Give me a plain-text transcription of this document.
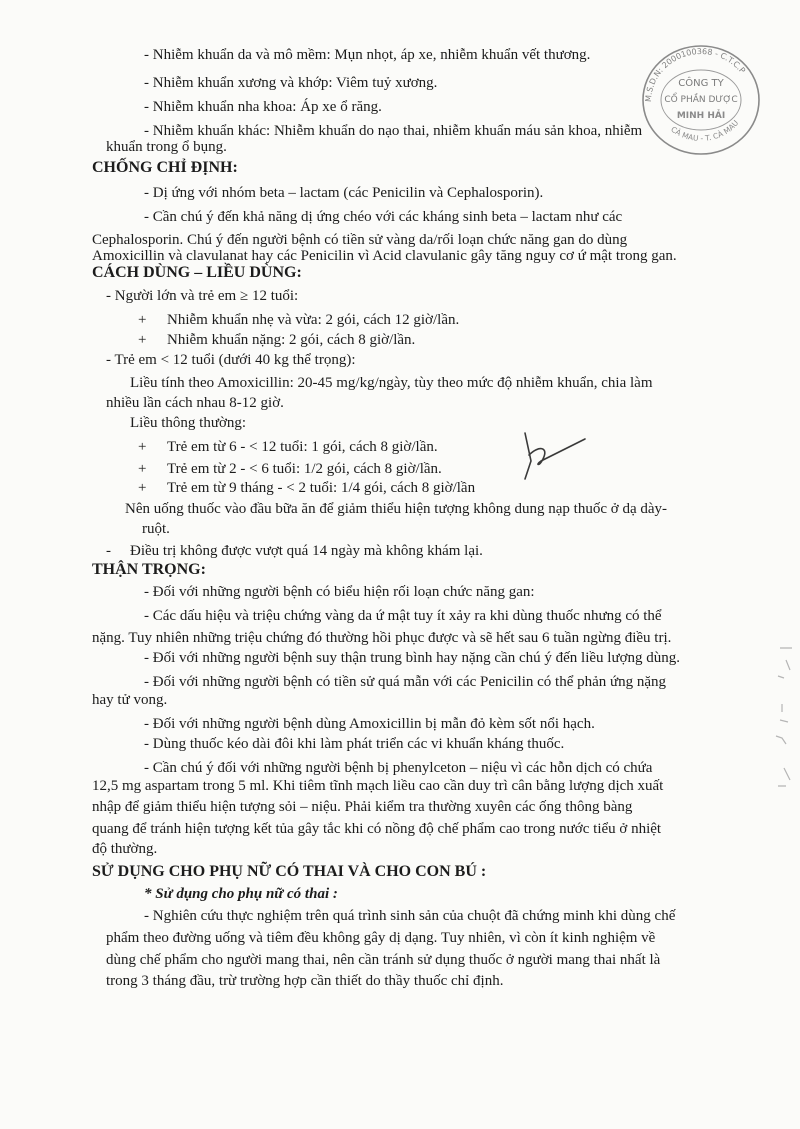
- Nhiễm khuẩn da và mô mềm: Mụn nhọt, áp xe, nhiễm khuẩn vết thương.
- Nhiễm khuẩn xương và khớp: Viêm tuỷ xương.
- Nhiễm khuẩn nha khoa: Áp xe ổ răng.
- Nhiễm khuẩn khác: Nhiễm khuẩn do nạo thai, nhiễm khuẩn máu sản khoa, nhiễm
khuẩn trong ổ bụng.
CHỐNG CHỈ ĐỊNH:
- Dị ứng với nhóm beta – lactam (các Penicilin và Cephalosporin).
- Cần chú ý đến khả năng dị ứng chéo với các kháng sinh beta – lactam như các
Cephalosporin. Chú ý đến người bệnh có tiền sử vàng da/rối loạn chức năng gan do dùng
Amoxicillin và clavulanat hay các Penicilin vì Acid clavulanic gây tăng nguy cơ ứ mật trong gan.
CÁCH DÙNG – LIỀU DÙNG:
- Người lớn và trẻ em ≥ 12 tuổi:
+ Nhiễm khuẩn nhẹ và vừa: 2 gói, cách 12 giờ/lần.
+ Nhiễm khuẩn nặng: 2 gói, cách 8 giờ/lần.
- Trẻ em < 12 tuổi (dưới 40 kg thể trọng):
Liều tính theo Amoxicillin: 20-45 mg/kg/ngày, tùy theo mức độ nhiễm khuẩn, chia làm
nhiều lần cách nhau 8-12 giờ.
Liều thông thường:
+ Trẻ em từ 6 - < 12 tuổi: 1 gói, cách 8 giờ/lần.
+ Trẻ em từ 2 - < 6 tuổi: 1/2 gói, cách 8 giờ/lần.
+ Trẻ em từ 9 tháng - < 2 tuổi: 1/4 gói, cách 8 giờ/lần
Nên uống thuốc vào đầu bữa ăn để giảm thiểu hiện tượng không dung nạp thuốc ở dạ dày-
ruột.
- Điều trị không được vượt quá 14 ngày mà không khám lại.
THẬN TRỌNG:
- Đối với những người bệnh có biểu hiện rối loạn chức năng gan:
- Các dấu hiệu và triệu chứng vàng da ứ mật tuy ít xảy ra khi dùng thuốc nhưng có thể
nặng. Tuy nhiên những triệu chứng đó thường hồi phục được và sẽ hết sau 6 tuần ngừng điều trị.
- Đối với những người bệnh suy thận trung bình hay nặng cần chú ý đến liều lượng dùng.
- Đối với những người bệnh có tiền sử quá mẫn với các Penicilin có thể phản ứng nặng
hay tử vong.
- Đối với những người bệnh dùng Amoxicillin bị mẫn đỏ kèm sốt nổi hạch.
- Dùng thuốc kéo dài đôi khi làm phát triển các vi khuẩn kháng thuốc.
- Cần chú ý đối với những người bệnh bị phenylceton – niệu vì các hỗn dịch có chứa
12,5 mg aspartam trong 5 ml. Khi tiêm tĩnh mạch liều cao cần duy trì cân bằng lượng dịch xuất
nhập để giảm thiểu hiện tượng sỏi – niệu. Phải kiểm tra thường xuyên các ống thông bàng
quang để tránh hiện tượng kết tủa gây tắc khi có nồng độ chế phẩm cao trong nước tiểu ở nhiệt
độ thường.
SỬ DỤNG CHO PHỤ NỮ CÓ THAI VÀ CHO CON BÚ :
* Sử dụng cho phụ nữ có thai :
- Nghiên cứu thực nghiệm trên quá trình sinh sản của chuột đã chứng minh khi dùng chế
phẩm theo đường uống và tiêm đều không gây dị dạng. Tuy nhiên, vì còn ít kinh nghiệm về
dùng chế phẩm cho người mang thai, nên cần tránh sử dụng thuốc ở người mang thai nhất là
trong 3 tháng đầu, trừ trường hợp cần thiết do thầy thuốc chỉ định.
M.S.D.N: 2000100368 - C.T.C.P
CÔNG TY
CỔ PHẦN DƯỢC
MINH HẢI
CÀ MAU - T. CÀ MAU
